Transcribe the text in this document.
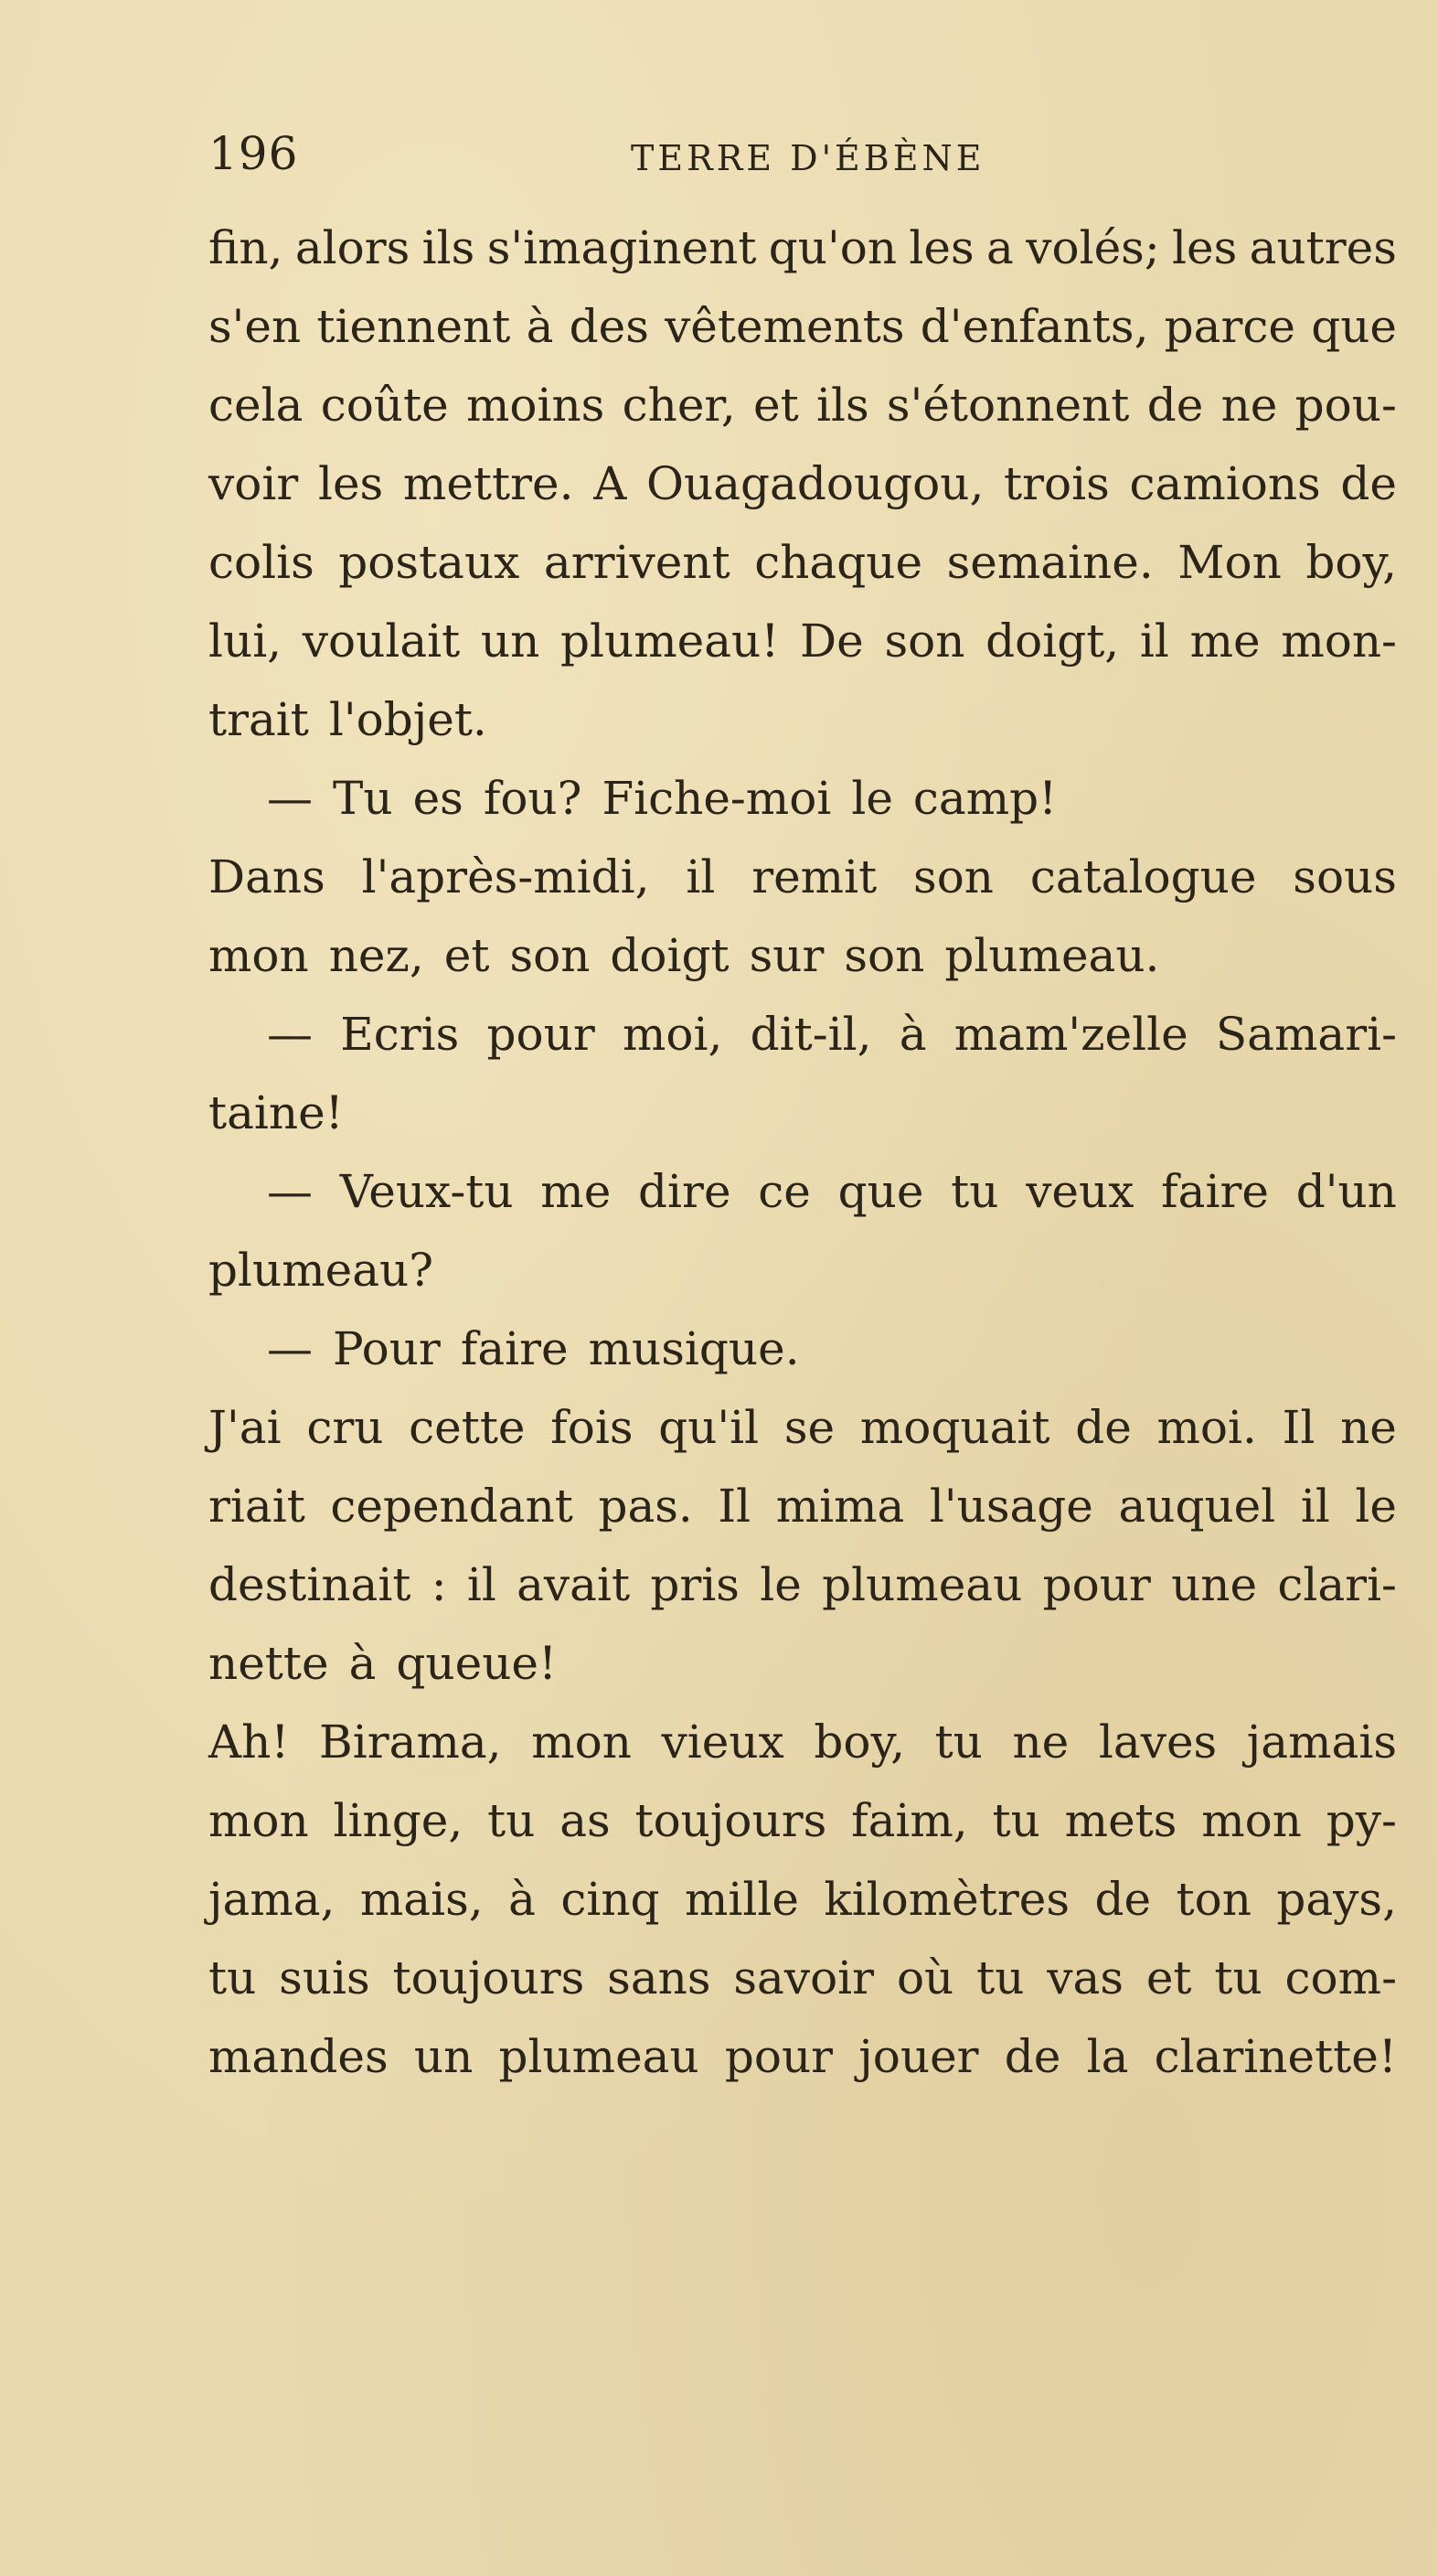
196	TERRE D'ÉBÈNE
fin, alors ils s'imaginent qu'on les a volés; les autres
s'en tiennent à des vêtements d'enfants, parce que
cela coûte moins cher, et ils s'étonnent de ne pou-
voir les mettre. A Ouagadougou, trois camions de
colis postaux arrivent chaque semaine. Mon boy,
lui, voulait un plumeau! De son doigt, il me mon-
trait l'objet.
— Tu es fou? Fiche-moi le camp!
Dans l'après-midi, il remit son catalogue sous
mon nez, et son doigt sur son plumeau.
— Ecris pour moi, dit-il, à mam'zelle Samari-
taine!
— Veux-tu me dire ce que tu veux faire d'un
plumeau?
— Pour faire musique.
J'ai cru cette fois qu'il se moquait de moi. Il ne
riait cependant pas. Il mima l'usage auquel il le
destinait : il avait pris le plumeau pour une clari-
nette à queue!
Ah! Birama, mon vieux boy, tu ne laves jamais
mon linge, tu as toujours faim, tu mets mon py-
jama, mais, à cinq mille kilomètres de ton pays,
tu suis toujours sans savoir où tu vas et tu com-
mandes un plumeau pour jouer de la clarinette!
